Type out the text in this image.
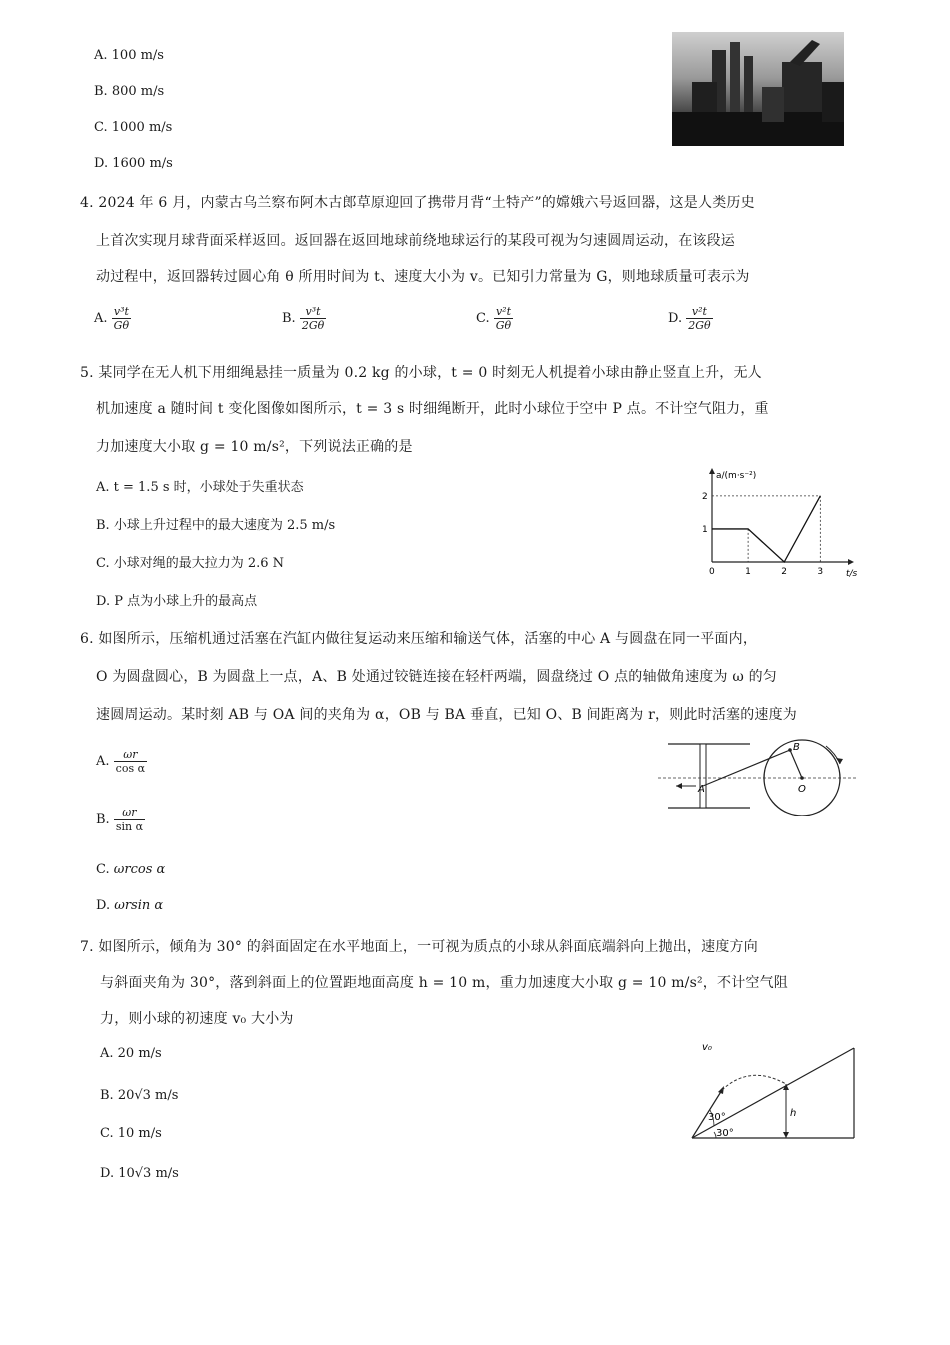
A. 100 m/s
B. 800 m/s
C. 1000 m/s
D. 1600 m/s
4. 2024 年 6 月，内蒙古乌兰察布阿木古郎草原迎回了携带月背“土特产”的嫦娥六号返回器，这是人类历史
上首次实现月球背面采样返回。返回器在返回地球前绕地球运行的某段可视为匀速圆周运动，在该段运
动过程中，返回器转过圆心角 θ 所用时间为 t、速度大小为 v。已知引力常量为 G，则地球质量可表示为
A. $\frac{\text{v³t}}{G\theta}$	B. $\frac{\text{v³t}}{2G\theta}$	C. $\frac{\text{v²t}}{G\theta}$	D. $\frac{\text{v²t}}{2G\theta}$
5. 某同学在无人机下用细绳悬挂一质量为 0.2 kg 的小球，t = 0 时刻无人机提着小球由静止竖直上升，无人
机加速度 a 随时间 t 变化图像如图所示，t = 3 s 时细绳断开，此时小球位于空中 P 点。不计空气阻力，重
力加速度大小取 g = 10 m/s²，下列说法正确的是
A. t = 1.5 s 时，小球处于失重状态
B. 小球上升过程中的最大速度为 2.5 m/s
C. 小球对绳的最大拉力为 2.6 N
D. P 点为小球上升的最高点
a/(m·s⁻²)
t/s
0	1	2	3
1
2
6. 如图所示，压缩机通过活塞在汽缸内做往复运动来压缩和输送气体，活塞的中心 A 与圆盘在同一平面内，
O 为圆盘圆心，B 为圆盘上一点，A、B 处通过铰链连接在轻杆两端，圆盘绕过 O 点的轴做角速度为 ω 的匀
速圆周运动。某时刻 AB 与 OA 间的夹角为 α，OB 与 BA 垂直，已知 O、B 间距离为 r，则此时活塞的速度为
A. $\frac{\omega r}{\text{cos α}}$
B. $\frac{\omega r}{\text{sin α}}$
C. ωrcos α
D. ωrsin α
A
B
O
7. 如图所示，倾角为 30° 的斜面固定在水平地面上，一可视为质点的小球从斜面底端斜向上抛出，速度方向
与斜面夹角为 30°，落到斜面上的位置距地面高度 h = 10 m，重力加速度大小取 g = 10 m/s²，不计空气阻
力，则小球的初速度 v₀ 大小为
A. 20 m/s
B. 20√3 m/s
C. 10 m/s
D. 10√3 m/s
v₀
30°
30°
h
